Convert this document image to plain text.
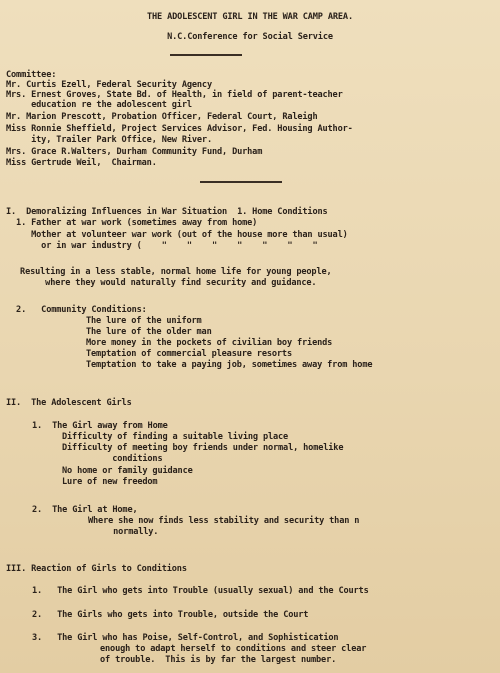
THE ADOLESCENT GIRL IN THE WAR CAMP AREA.
N.C.Conference for Social Service
Committee:
Mr. Curtis Ezell, Federal Security Agency
Mrs. Ernest Groves, State Bd. of Health, in field of parent-teacher
education re the adolescent girl
Mr. Marion Prescott, Probation Officer, Federal Court, Raleigh
Miss Ronnie Sheffield, Project Services Advisor, Fed. Housing Author-
ity, Trailer Park Office, New River.
Mrs. Grace R.Walters, Durham Community Fund, Durham
Miss Gertrude Weil,  Chairman.
I.  Demoralizing Influences in War Situation  1. Home Conditions
1. Father at war work (sometimes away from home)
Mother at volunteer war work (out of the house more than usual)
or in war industry (    "    "    "    "    "    "    "
Resulting in a less stable, normal home life for young people,
where they would naturally find security and guidance.
2.   Community Conditions:
The lure of the uniform
The lure of the older man
More money in the pockets of civilian boy friends
Temptation of commercial pleasure resorts
Temptation to take a paying job, sometimes away from home
II.  The Adolescent Girls
1.  The Girl away from Home
Difficulty of finding a suitable living place
Difficulty of meeting boy friends under normal, homelike
conditions
No home or family guidance
Lure of new freedom
2.  The Girl at Home,
Where she now finds less stability and security than n
normally.
III. Reaction of Girls to Conditions
1.   The Girl who gets into Trouble (usually sexual) and the Courts
2.   The Girls who gets into Trouble, outside the Court
3.   The Girl who has Poise, Self-Control, and Sophistication
enough to adapt herself to conditions and steer clear
of trouble.  This is by far the largest number.
